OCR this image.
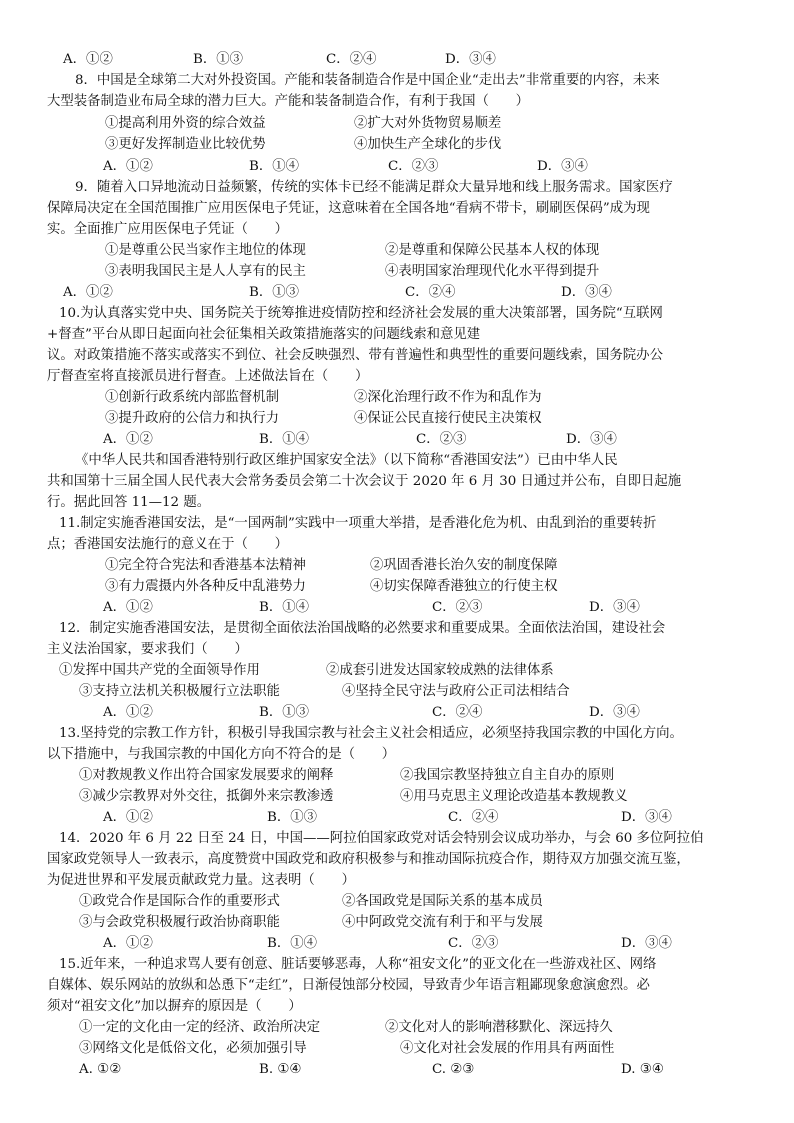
A．①②	B．①③	C．②④	D．③④
8．中国是全球第二大对外投资国。产能和装备制造合作是中国企业“走出去”非常重要的内容，未来
大型装备制造业布局全球的潜力巨大。产能和装备制造合作，有利于我国（　　）
①提高利用外资的综合效益	②扩大对外货物贸易顺差
③更好发挥制造业比较优势	④加快生产全球化的步伐
A．①②	B．①④	C．②③	D．③④
9．随着入口异地流动日益频繁，传统的实体卡已经不能满足群众大量异地和线上服务需求。国家医疗
保障局决定在全国范围推广应用医保电子凭证，这意味着在全国各地“看病不带卡，刷刷医保码”成为现
实。全面推广应用医保电子凭证（　　）
①是尊重公民当家作主地位的体现	②是尊重和保障公民基本人权的体现
③表明我国民主是人人享有的民主	④表明国家治理现代化水平得到提升
A．①②	B．①③	C．②④	D．③④
10.为认真落实党中央、国务院关于统筹推进疫情防控和经济社会发展的重大决策部署，国务院“互联网
+督查”平台从即日起面向社会征集相关政策措施落实的问题线索和意见建
议。对政策措施不落实或落实不到位、社会反映强烈、带有普遍性和典型性的重要问题线索，国务院办公
厅督查室将直接派员进行督查。上述做法旨在（　　）
①创新行政系统内部监督机制	②深化治理行政不作为和乱作为
③提升政府的公信力和执行力	④保证公民直接行使民主决策权
A．①②	B．①④	C．②③	D．③④
《中华人民共和国香港特别行政区维护国家安全法》（以下简称“香港国安法”）已由中华人民
共和国第十三届全国人民代表大会常务委员会第二十次会议于 2020 年 6 月 30 日通过并公布，自即日起施
行。据此回答 11—12 题。
11.制定实施香港国安法，是“一国两制”实践中一项重大举措，是香港化危为机、由乱到治的重要转折
点；香港国安法施行的意义在于（　　）
①完全符合宪法和香港基本法精神	②巩固香港长治久安的制度保障
③有力震摄内外各种反中乱港势力	④切实保障香港独立的行使主权
A．①②	B．①④	C．②③	D．③④
12．制定实施香港国安法，是贯彻全面依法治国战略的必然要求和重要成果。全面依法治国，建设社会
主义法治国家，要求我们（　　）
①发挥中国共产党的全面领导作用	②成套引进发达国家较成熟的法律体系
③支持立法机关积极履行立法职能	④坚持全民守法与政府公正司法相结合
A．①②	B．①③	C．②④	D．③④
13.坚持党的宗教工作方针，积极引导我国宗教与社会主义社会相适应，必须坚持我国宗教的中国化方向。
以下措施中，与我国宗教的中国化方向不符合的是（　　）
①对教规教义作出符合国家发展要求的阐释	②我国宗教坚持独立自主自办的原则
③减少宗教界对外交往，抵御外来宗教渗透	④用马克思主义理论改造基本教规教义
A．①②	B．①③	C．②④	D．③④
14．2020 年 6 月 22 日至 24 日，中国——阿拉伯国家政党对话会特别会议成功举办，与会 60 多位阿拉伯
国家政党领导人一致表示，高度赞赏中国政党和政府积极参与和推动国际抗疫合作，期待双方加强交流互鉴，
为促进世界和平发展贡献政党力量。这表明（　　）
①政党合作是国际合作的重要形式	②各国政党是国际关系的基本成员
③与会政党积极履行政治协商职能	④中阿政党交流有利于和平与发展
A．①②	B．①④	C．②③	D．③④
15.近年来，一种追求骂人要有创意、脏话要够恶毒，人称“祖安文化”的亚文化在一些游戏社区、网络
自媒体、娱乐网站的放纵和怂恿下“走红”，日渐侵蚀部分校园，导致青少年语言粗鄙现象愈演愈烈。必
须对“祖安文化”加以摒弃的原因是（　　）
①一定的文化由一定的经济、政治所决定	②文化对人的影响潜移默化、深远持久
③网络文化是低俗文化，必须加强引导	④文化对社会发展的作用具有两面性
A. ①②	B. ①④	C. ②③	D. ③④
